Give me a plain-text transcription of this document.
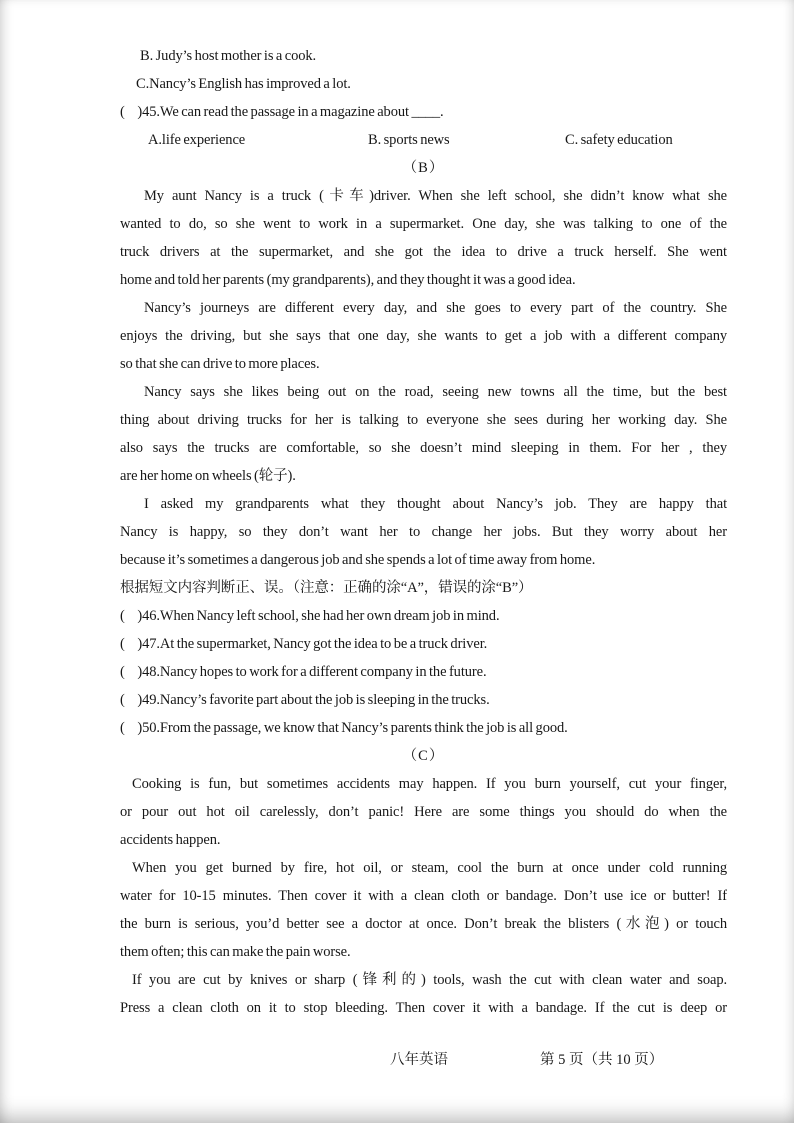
B. Judy’s host mother is a cook.
C.Nancy’s English has improved a lot.
(     )45.We can read the passage in a magazine about ____.

A.life experience

	B. sports news

	C. safety education

（B）
My aunt Nancy is a truck (卡车)driver. When she left school, she didn’t know what she
wanted to do, so she went to work in a supermarket. One day, she was talking to one of the
truck drivers at the supermarket, and she got the idea to drive a truck herself. She went
home and told her parents (my grandparents), and they thought it was a good idea.
Nancy’s journeys are different every day, and she goes to every part of the country. She
enjoys the driving, but she says that one day, she wants to get a job with a different company
so that she can drive to more places.
Nancy says she likes being out on the road, seeing new towns all the time, but the best
thing about driving trucks for her is talking to everyone she sees during her working day. She
also says the trucks are comfortable, so she doesn’t mind sleeping in them. For her , they
are her home on wheels (轮子).
I asked my grandparents what they thought about Nancy’s job. They are happy that
Nancy is happy, so they don’t want her to change her jobs. But they worry about her
because it’s sometimes a dangerous job and she spends a lot of time away from home.
根据短文内容判断正、误。（注意：正确的涂“A”，错误的涂“B”）
(     )46.When Nancy left school, she had her own dream job in mind.
(     )47.At the supermarket, Nancy got the idea to be a truck driver.
(     )48.Nancy hopes to work for a different company in the future.
(     )49.Nancy’s favorite part about the job is sleeping in the trucks.
(     )50.From the passage, we know that Nancy’s parents think the job is all good.
（C）
Cooking is fun, but sometimes accidents may happen. If you burn yourself, cut your finger,
or pour out hot oil carelessly, don’t panic! Here are some things you should do when the
accidents happen.
When you get burned by fire, hot oil, or steam, cool the burn at once under cold running
water for 10-15 minutes. Then cover it with a clean cloth or bandage. Don’t use ice or butter! If
the burn is serious, you’d better see a doctor at once. Don’t break the blisters (水泡) or touch
them often; this can make the pain worse.
If you are cut by knives or sharp (锋利的) tools, wash the cut with clean water and soap.
Press a clean cloth on it to stop bleeding. Then cover it with a bandage. If the cut is deep or
八年英语	第 5 页（共 10 页）
